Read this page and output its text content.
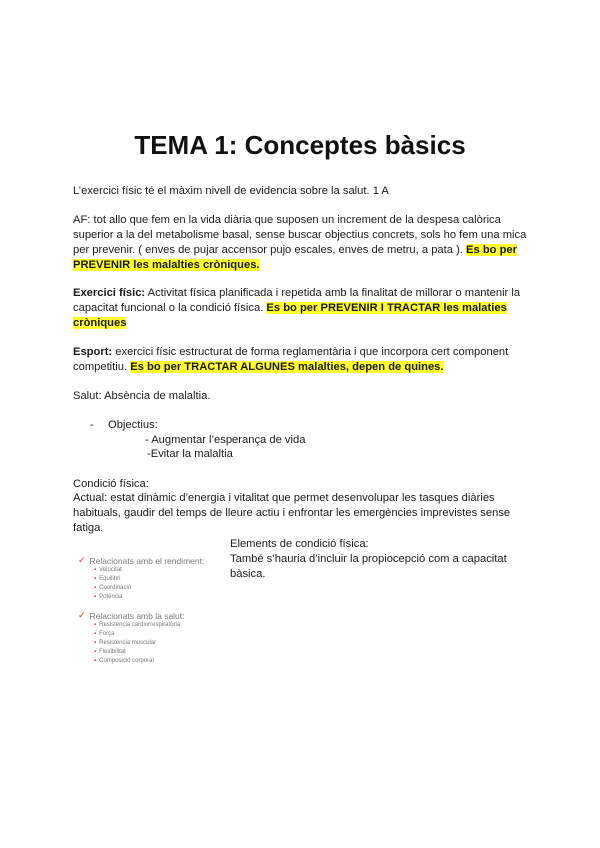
TEMA 1: Conceptes bàsics

L’exercici físic té el màxim nivell de evidencia sobre la salut. 1 A

AF: tot allo que fem en la vida diària que suposen un increment de la despesa calòrica superior a la del metabolisme basal, sense buscar objectius concrets, sols ho fem una mica per prevenir. ( enves de pujar accensor pujo escales, enves de metru, a pata ). Es bo per PREVENIR les malalties cròniques.

Exercici físic: Activitat física planificada i repetida amb la finalitat de millorar o mantenir la capacitat funcional o la condició física. Es bo per PREVENIR I TRACTAR les malaties cròniques

Esport: exercici físic estructurat de forma reglamentària i que incorpora cert component competitiu. Es bo per TRACTAR ALGUNES malalties, depen de quines.

Salut: Absència de malaltia.

- Objectius:
- Augmentar l’esperança de vida
-Evitar la malaltia

Condició física:

Actual: estat dinàmic d’energia i vitalitat que permet desenvolupar les tasques diàries habituals, gaudir del temps de lleure actiu i enfrontar les emergències imprevistes sense fatiga.

Elements de condició física:
També s’hauria d’incluir la propiocepció com a capacitat bàsica.
✓ Relacionats amb el rendiment:
▪ Velocitat
▪ Equilibri
▪ Coordinació
▪ Potència
✓ Relacionats amb la salut:
▪ Resistència cardiorrespiratòria
▪ Força
▪ Resistència muscular
▪ Flexibilitat
▪ Composició corporal
